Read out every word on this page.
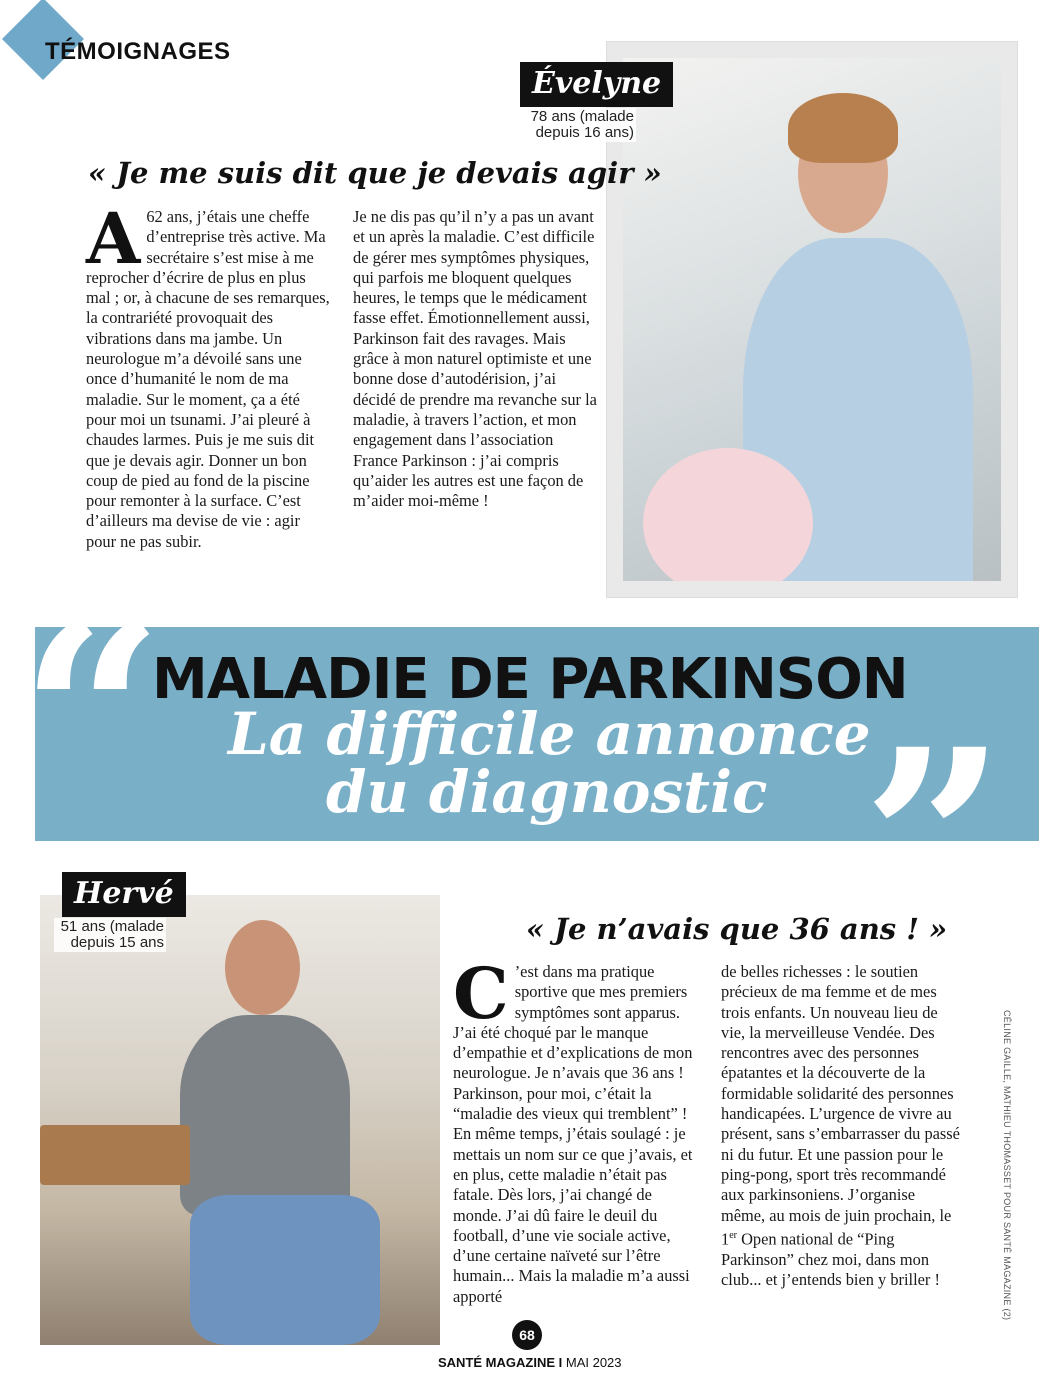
TÉMOIGNAGES
Évelyne
78 ans (malade
depuis 16 ans)
« Je me suis dit que je devais agir »
A 62 ans, j’étais une cheffe d’entreprise très active. Ma secrétaire s’est mise à me reprocher d’écrire de plus en plus mal ; or, à chacune de ses remarques, la contrariété provoquait des vibrations dans ma jambe. Un neurologue m’a dévoilé sans une once d’humanité le nom de ma maladie. Sur le moment, ça a été pour moi un tsunami. J’ai pleuré à chaudes larmes. Puis je me suis dit que je devais agir. Donner un bon coup de pied au fond de la piscine pour remonter à la surface. C’est d’ailleurs ma devise de vie : agir pour ne pas subir.

Je ne dis pas qu’il n’y a pas un avant et un après la maladie. C’est difficile de gérer mes symptômes physiques, qui parfois me bloquent quelques heures, le temps que le médicament fasse effet. Émotionnellement aussi, Parkinson fait des ravages. Mais grâce à mon naturel optimiste et une bonne dose d’autodérision, j’ai décidé de prendre ma revanche sur la maladie, à travers l’action, et mon engagement dans l’association France Parkinson : j’ai compris qu’aider les autres est une façon de m’aider moi-même !

“	”
MALADIE DE PARKINSON
La difficile annonce
du diagnostic
Hervé
51 ans (malade
depuis 15 ans	« Je n’avais que 36 ans ! »
C ’est dans ma pratique sportive que mes premiers symptômes sont apparus. J’ai été choqué par le manque d’empathie et d’explications de mon neurologue. Je n’avais que 36 ans ! Parkinson, pour moi, c’était la “maladie des vieux qui tremblent” ! En même temps, j’étais soulagé : je mettais un nom sur ce que j’avais, et en plus, cette maladie n’était pas fatale. Dès lors, j’ai changé de monde. J’ai dû faire le deuil du football, d’une vie sociale active, d’une certaine naïveté sur l’être humain... Mais la maladie m’a aussi apporté

de belles richesses : le soutien précieux de ma femme et de mes trois enfants. Un nouveau lieu de vie, la merveilleuse Vendée. Des rencontres avec des personnes épatantes et la découverte de la formidable solidarité des personnes handicapées. L’urgence de vivre au présent, sans s’embarrasser du passé ni du futur. Et une passion pour le ping-pong, sport très recommandé aux parkinsoniens. J’organise même, au mois de juin prochain, le 1er Open national de “Ping Parkinson” chez moi, dans mon club... et j’entends bien y briller !	CÉLINE GAILLE, MATHIEU THOMASSET POUR SANTÉ MAGAZINE (2)
68
SANTÉ MAGAZINE I MAI 2023
